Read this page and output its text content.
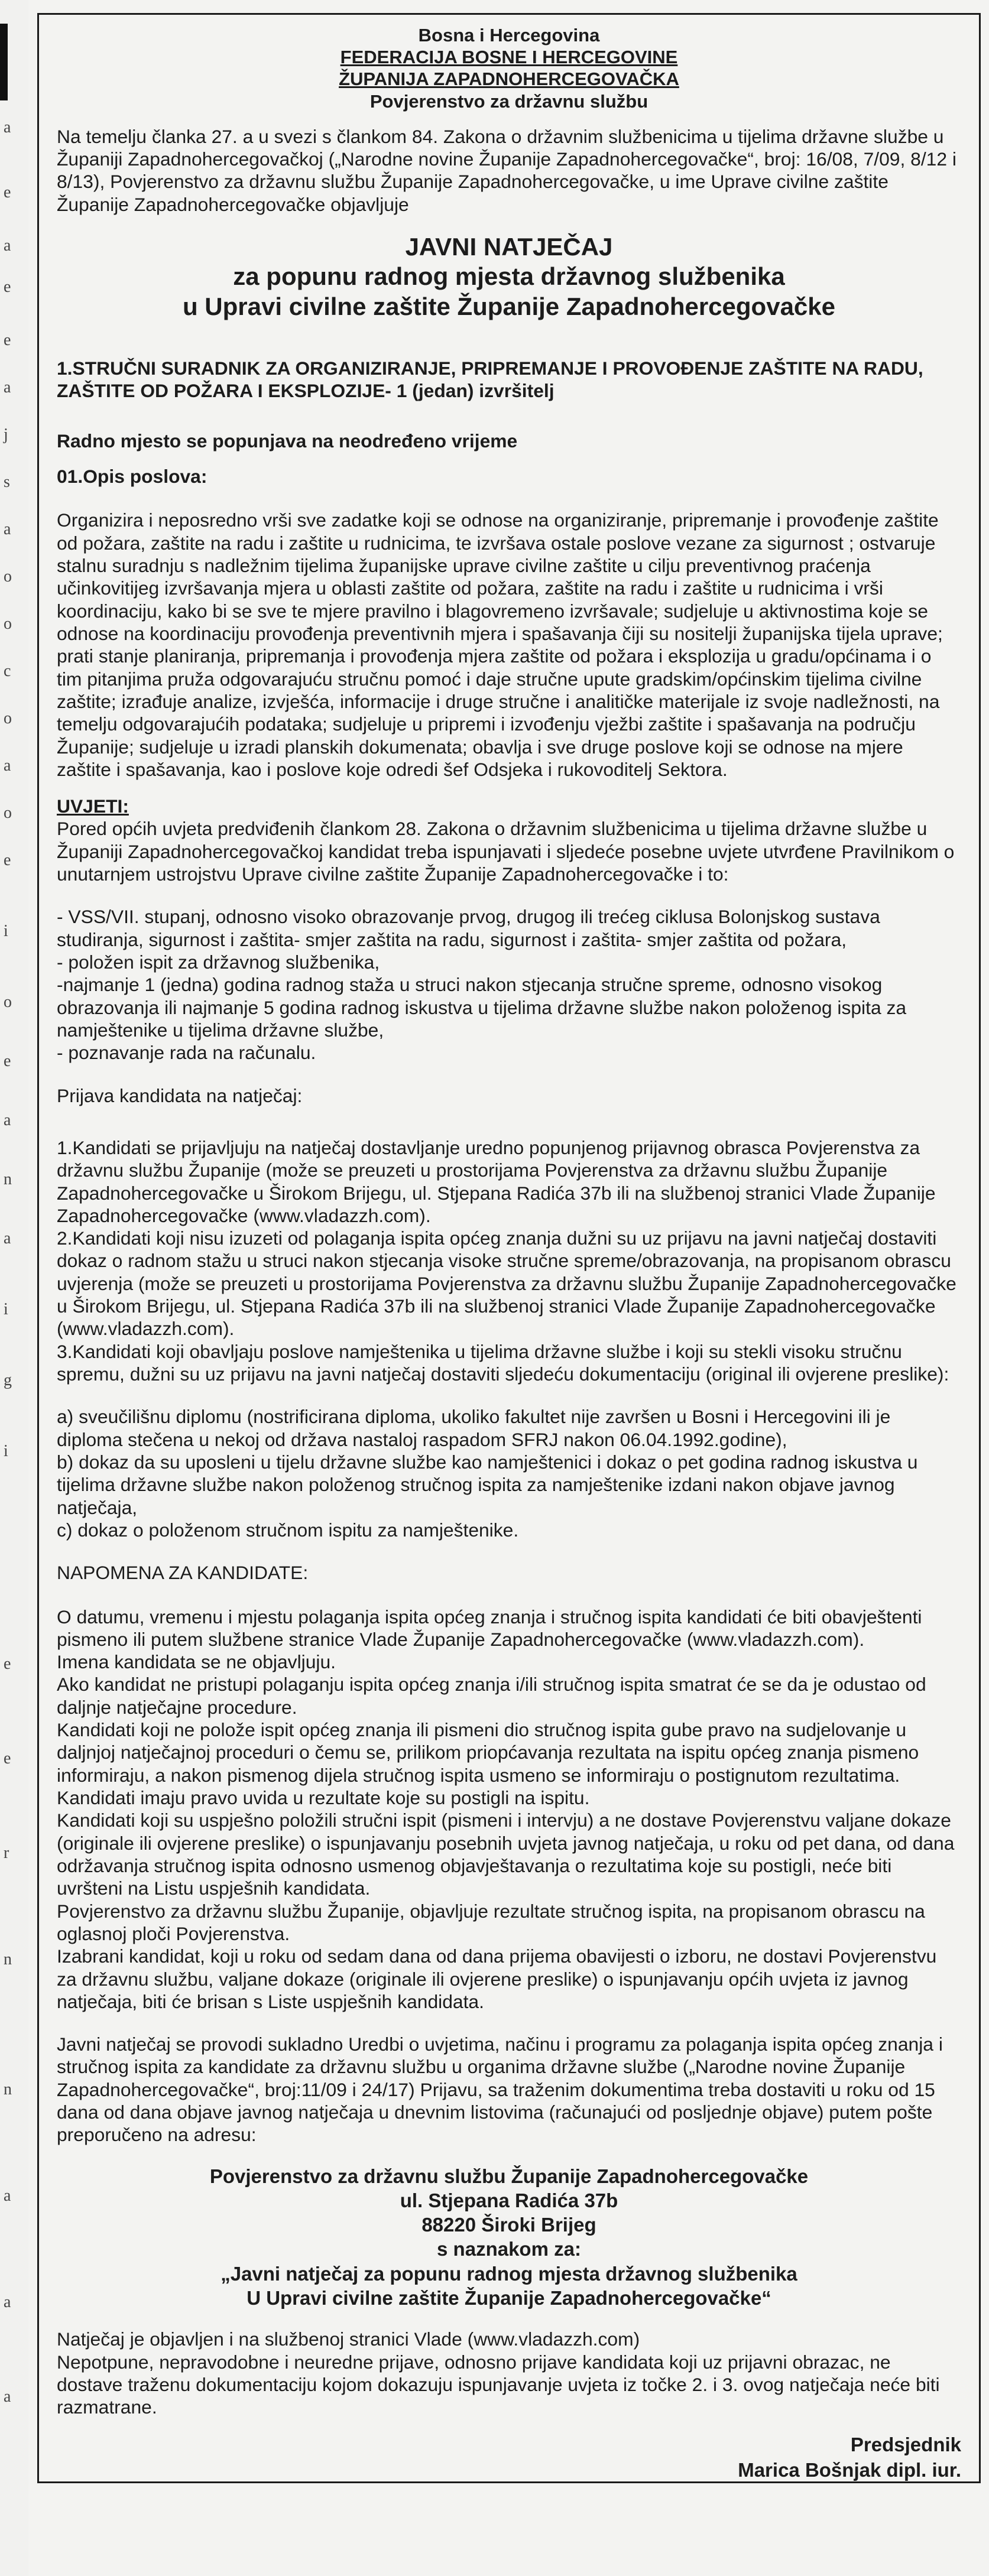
a
e
a
e
e
a
j
s
a
o
o
c
o
a
o
e
i
o
e
a
n
a
i
g
i
e
e
r
n
n
a
a
a
Bosna i Hercegovina
FEDERACIJA BOSNE I HERCEGOVINE
ŽUPANIJA ZAPADNOHERCEGOVAČKA
Povjerenstvo za državnu službu

Na temelju članka 27. a u svezi s člankom 84. Zakona o državnim službenicima u tijelima državne službe u Županiji Zapadnohercegovačkoj („Narodne novine Županije Zapadnohercegovačke“, broj: 16/08, 7/09, 8/12 i 8/13), Povjerenstvo za državnu službu Županije Zapadnohercegovačke, u ime Uprave civilne zaštite Županije Zapadnohercegovačke objavljuje

JAVNI NATJEČAJ
za popunu radnog mjesta državnog službenika
u Upravi civilne zaštite Županije Zapadnohercegovačke

1.STRUČNI SURADNIK ZA ORGANIZIRANJE, PRIPREMANJE I PROVOĐENJE ZAŠTITE NA RADU, ZAŠTITE OD POŽARA I EKSPLOZIJE- 1 (jedan) izvršitelj

Radno mjesto se popunjava na neodređeno vrijeme

01.Opis poslova:

Organizira i neposredno vrši sve zadatke koji se odnose na organiziranje, pripremanje i provođenje zaštite od požara, zaštite na radu i zaštite u rudnicima, te izvršava ostale poslove vezane za sigurnost ; ostvaruje stalnu suradnju s nadležnim tijelima županijske uprave civilne zaštite u cilju preventivnog praćenja učinkovitijeg izvršavanja mjera u oblasti zaštite od požara, zaštite na radu i zaštite u rudnicima i vrši koordinaciju, kako bi se sve te mjere pravilno i blagovremeno izvršavale; sudjeluje u aktivnostima koje se odnose na koordinaciju provođenja preventivnih mjera i spašavanja čiji su nositelji županijska tijela uprave; prati stanje planiranja, pripremanja i provođenja mjera zaštite od požara i eksplozija u gradu/općinama i o tim pitanjima pruža odgovarajuću stručnu pomoć i daje stručne upute gradskim/općinskim tijelima civilne zaštite; izrađuje analize, izvješća, informacije i druge stručne i analitičke materijale iz svoje nadležnosti, na temelju odgovarajućih podataka; sudjeluje u pripremi i izvođenju vježbi zaštite i spašavanja na području Županije; sudjeluje u izradi planskih dokumenata; obavlja i sve druge poslove koji se odnose na mjere zaštite i spašavanja, kao i poslove koje odredi šef Odsjeka i rukovoditelj Sektora.

UVJETI:

Pored općih uvjeta predviđenih člankom 28. Zakona o državnim službenicima u tijelima državne službe u Županiji Zapadnohercegovačkoj kandidat treba ispunjavati i sljedeće posebne uvjete utvrđene Pravilnikom o unutarnjem ustrojstvu Uprave civilne zaštite Županije Zapadnohercegovačke i to:

- VSS/VII. stupanj, odnosno visoko obrazovanje prvog, drugog ili trećeg ciklusa Bolonjskog sustava studiranja, sigurnost i zaštita- smjer zaštita na radu, sigurnost i zaštita- smjer zaštita od požara,

- položen ispit za državnog službenika,

-najmanje 1 (jedna) godina radnog staža u struci nakon stjecanja stručne spreme, odnosno visokog obrazovanja ili najmanje 5 godina radnog iskustva u tijelima državne službe nakon položenog ispita za namještenike u tijelima državne službe,

- poznavanje rada na računalu.

Prijava kandidata na natječaj:

1.Kandidati se prijavljuju na natječaj dostavljanje uredno popunjenog prijavnog obrasca Povjerenstva za državnu službu Županije (može se preuzeti u prostorijama Povjerenstva za državnu službu Županije Zapadnohercegovačke u Širokom Brijegu, ul. Stjepana Radića 37b ili na službenoj stranici Vlade Županije Zapadnohercegovačke (www.vladazzh.com).

2.Kandidati koji nisu izuzeti od polaganja ispita općeg znanja dužni su uz prijavu na javni natječaj dostaviti dokaz o radnom stažu u struci nakon stjecanja visoke stručne spreme/obrazovanja, na propisanom obrascu uvjerenja (može se preuzeti u prostorijama Povjerenstva za državnu službu Županije Zapadnohercegovačke u Širokom Brijegu, ul. Stjepana Radića 37b ili na službenoj stranici Vlade Županije Zapadnohercegovačke (www.vladazzh.com).

3.Kandidati koji obavljaju poslove namještenika u tijelima državne službe i koji su stekli visoku stručnu spremu, dužni su uz prijavu na javni natječaj dostaviti sljedeću dokumentaciju (original ili ovjerene preslike):

a) sveučilišnu diplomu (nostrificirana diploma, ukoliko fakultet nije završen u Bosni i Hercegovini ili je diploma stečena u nekoj od država nastaloj raspadom SFRJ nakon 06.04.1992.godine),

b) dokaz da su uposleni u tijelu državne službe kao namještenici i dokaz o pet godina radnog iskustva u tijelima državne službe nakon položenog stručnog ispita za namještenike izdani nakon objave javnog natječaja,

c) dokaz o položenom stručnom ispitu za namještenike.

NAPOMENA ZA KANDIDATE:

O datumu, vremenu i mjestu polaganja ispita općeg znanja i stručnog ispita kandidati će biti obavještenti pismeno ili putem službene stranice Vlade Županije Zapadnohercegovačke (www.vladazzh.com).

Imena kandidata se ne objavljuju.

Ako kandidat ne pristupi polaganju ispita općeg znanja i/ili stručnog ispita smatrat će se da je odustao od daljnje natječajne procedure.

Kandidati koji ne polože ispit općeg znanja ili pismeni dio stručnog ispita gube pravo na sudjelovanje u daljnjoj natječajnoj proceduri o čemu se, prilikom priopćavanja rezultata na ispitu općeg znanja pismeno informiraju, a nakon pismenog dijela stručnog ispita usmeno se informiraju o postignutom rezultatima. Kandidati imaju pravo uvida u rezultate koje su postigli na ispitu.

Kandidati koji su uspješno položili stručni ispit (pismeni i intervju) a ne dostave Povjerenstvu valjane dokaze (originale ili ovjerene preslike) o ispunjavanju posebnih uvjeta javnog natječaja, u roku od pet dana, od dana održavanja stručnog ispita odnosno usmenog objavještavanja o rezultatima koje su postigli, neće biti uvršteni na Listu uspješnih kandidata.

Povjerenstvo za državnu službu Županije, objavljuje rezultate stručnog ispita, na propisanom obrascu na oglasnoj ploči Povjerenstva.

Izabrani kandidat, koji u roku od sedam dana od dana prijema obavijesti o izboru, ne dostavi Povjerenstvu za državnu službu, valjane dokaze (originale ili ovjerene preslike) o ispunjavanju općih uvjeta iz javnog natječaja, biti će brisan s Liste uspješnih kandidata.

Javni natječaj se provodi sukladno Uredbi o uvjetima, načinu i programu za polaganja ispita općeg znanja i stručnog ispita za kandidate za državnu službu u organima državne službe („Narodne novine Županije Zapadnohercegovačke“, broj:11/09 i 24/17) Prijavu, sa traženim dokumentima treba dostaviti u roku od 15 dana od dana objave javnog natječaja u dnevnim listovima (računajući od posljednje objave) putem pošte preporučeno na adresu:

Povjerenstvo za državnu službu Županije Zapadnohercegovačke
ul. Stjepana Radića 37b
88220 Široki Brijeg
s naznakom za:
„Javni natječaj za popunu radnog mjesta državnog službenika
U Upravi civilne zaštite Županije Zapadnohercegovačke“

Natječaj je objavljen i na službenoj stranici Vlade (www.vladazzh.com)

Nepotpune, nepravodobne i neuredne prijave, odnosno prijave kandidata koji uz prijavni obrazac, ne dostave traženu dokumentaciju kojom dokazuju ispunjavanje uvjeta iz točke 2. i 3. ovog natječaja neće biti razmatrane.

Predsjednik
Marica Bošnjak dipl. iur.
